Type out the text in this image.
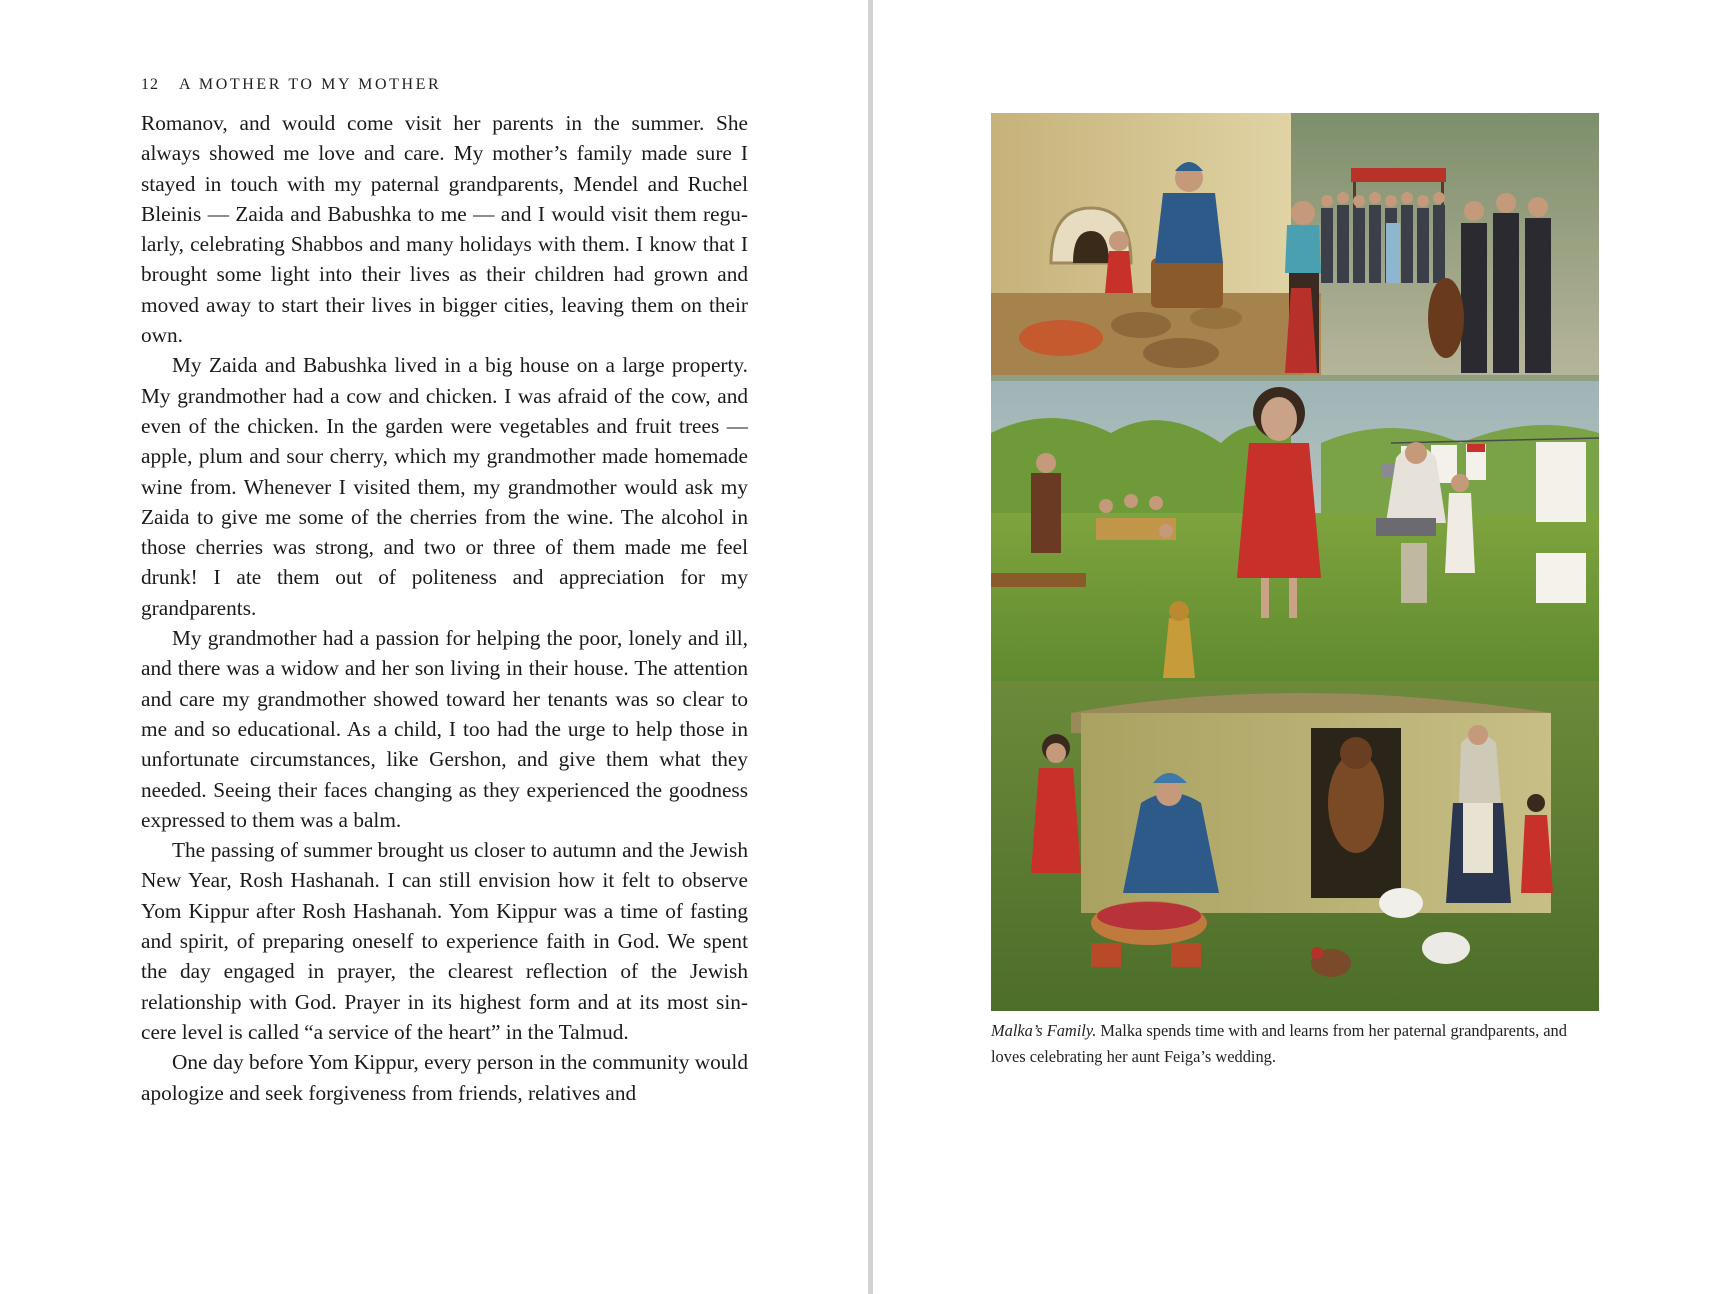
12 A MOTHER TO MY MOTHER

Romanov, and would come visit her parents in the summer. She always showed me love and care. My mother’s family made sure I stayed in touch with my paternal grandparents, Mendel and Ruchel Bleinis — Zaida and Babushka to me — and I would visit them regularly, celebrating Shabbos and many holidays with them. I know that I brought some light into their lives as their children had grown and moved away to start their lives in bigger cities, leaving them on their own.

My Zaida and Babushka lived in a big house on a large property. My grandmother had a cow and chicken. I was afraid of the cow, and even of the chicken. In the garden were vegetables and fruit trees — apple, plum and sour cherry, which my grandmother made homemade wine from. Whenever I visited them, my grandmother would ask my Zaida to give me some of the cherries from the wine. The alcohol in those cherries was strong, and two or three of them made me feel drunk! I ate them out of politeness and appreciation for my grandparents.

My grandmother had a passion for helping the poor, lonely and ill, and there was a widow and her son living in their house. The attention and care my grandmother showed toward her tenants was so clear to me and so educational. As a child, I too had the urge to help those in unfortunate circumstances, like Gershon, and give them what they needed. Seeing their faces changing as they experienced the goodness expressed to them was a balm.

The passing of summer brought us closer to autumn and the Jewish New Year, Rosh Hashanah. I can still envision how it felt to observe Yom Kippur after Rosh Hashanah. Yom Kippur was a time of fasting and spirit, of preparing oneself to experience faith in God. We spent the day engaged in prayer, the clearest reflection of the Jewish relationship with God. Prayer in its highest form and at its most sincere level is called “a service of the heart” in the Talmud.

One day before Yom Kippur, every person in the community would apologize and seek forgiveness from friends, relatives and

Malka’s Family. Malka spends time with and learns from her paternal grandparents, and loves celebrating her aunt Feiga’s wedding.
